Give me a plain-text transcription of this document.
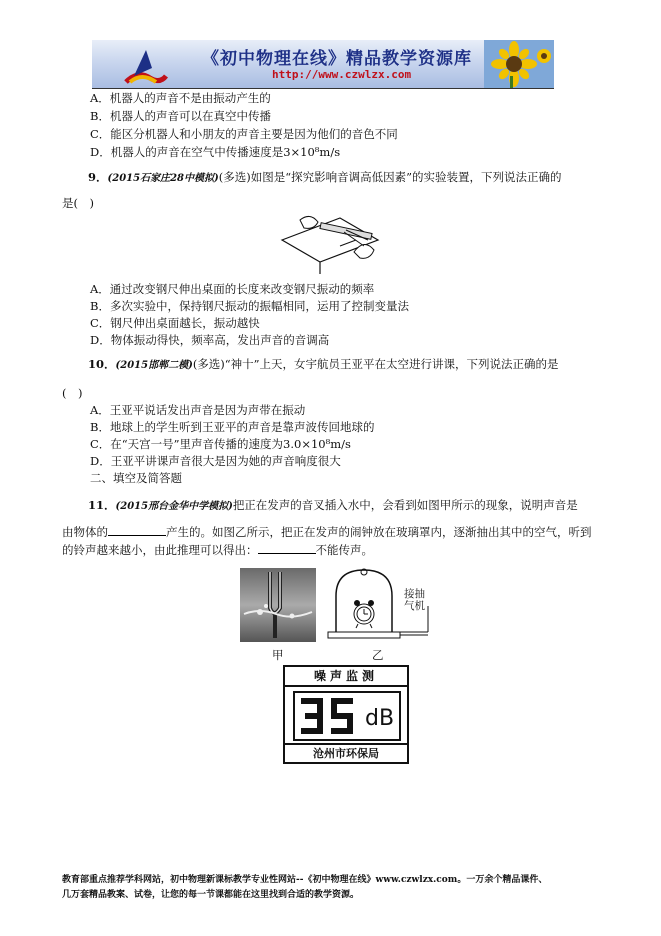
《初中物理在线》精品教学资源库
http://www.czwlzx.com
A．机器人的声音不是由振动产生的
B．机器人的声音可以在真空中传播
C．能区分机器人和小朋友的声音主要是因为他们的音色不同
D．机器人的声音在空气中传播速度是3×10⁸m/s
9．(2015石家庄28中模拟)(多选)如图是“探究影响音调高低因素”的实验装置，下列说法正确的
是(　)
A．通过改变钢尺伸出桌面的长度来改变钢尺振动的频率
B．多次实验中，保持钢尺振动的振幅相同，运用了控制变量法
C．钢尺伸出桌面越长，振动越快
D．物体振动得快，频率高，发出声音的音调高
10．(2015邯郸二模)(多选)“神十”上天，女宇航员王亚平在太空进行讲课，下列说法正确的是
(　)
A．王亚平说话发出声音是因为声带在振动
B．地球上的学生听到王亚平的声音是靠声波传回地球的
C．在“天宫一号”里声音传播的速度为3.0×10⁸m/s
D．王亚平讲课声音很大是因为她的声音响度很大
二、填空及简答题
11．(2015邢台金华中学模拟)把正在发声的音叉插入水中，会看到如图甲所示的现象，说明声音是
由物体的	产生的。如图乙所示，把正在发声的闹钟放在玻璃罩内，逐渐抽出其中的空气，听到
的铃声越来越小，由此推理可以得出：	不能传声。
甲
接抽
气机
乙
噪声监测
dB
沧州市环保局
教育部重点推荐学科网站，初中物理新课标教学专业性网站--《初中物理在线》www.czwlzx.com。一万余个精品课件、
几万套精品教案、试卷，让您的每一节课都能在这里找到合适的教学资源。
